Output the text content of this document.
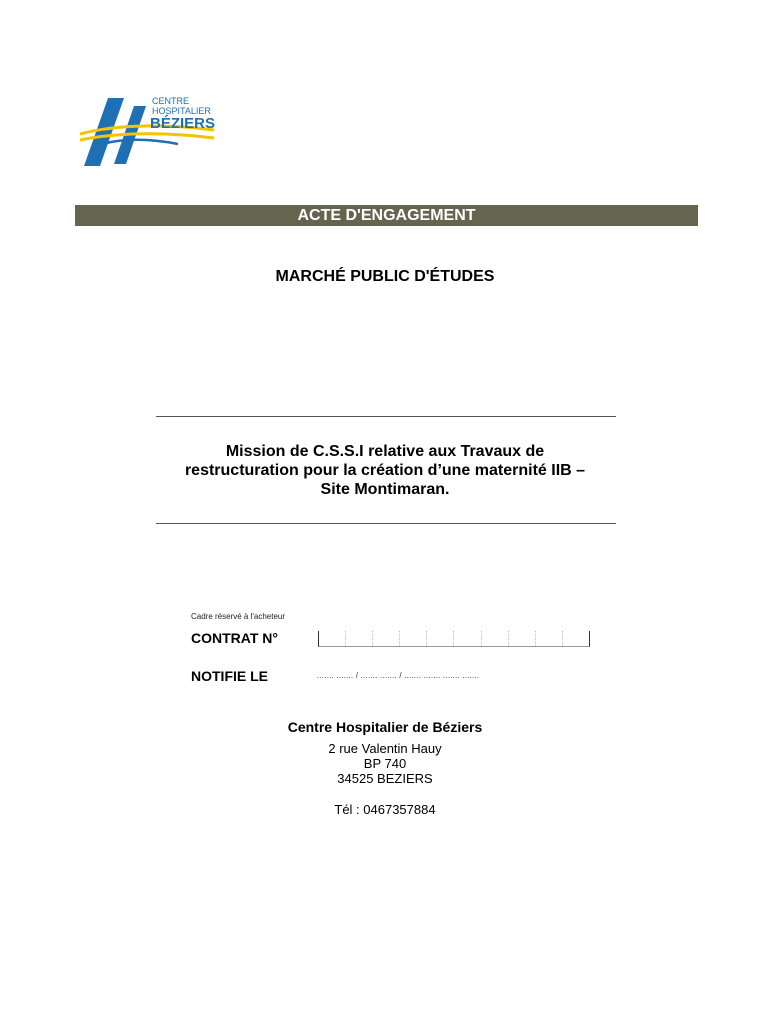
CENTRE
HOSPITALIER
BÉZIERS
ACTE D'ENGAGEMENT
MARCHÉ PUBLIC D'ÉTUDES
Mission de C.S.S.I relative aux Travaux de
restructuration pour la création d’une maternité IIB –
Site Montimaran.
Cadre réservé à l'acheteur
CONTRAT N°
NOTIFIE LE	....... ....... / ....... ....... / ....... ....... ....... .......
Centre Hospitalier de Béziers
2 rue Valentin Hauy
BP 740
34525 BEZIERS
Tél : 0467357884
